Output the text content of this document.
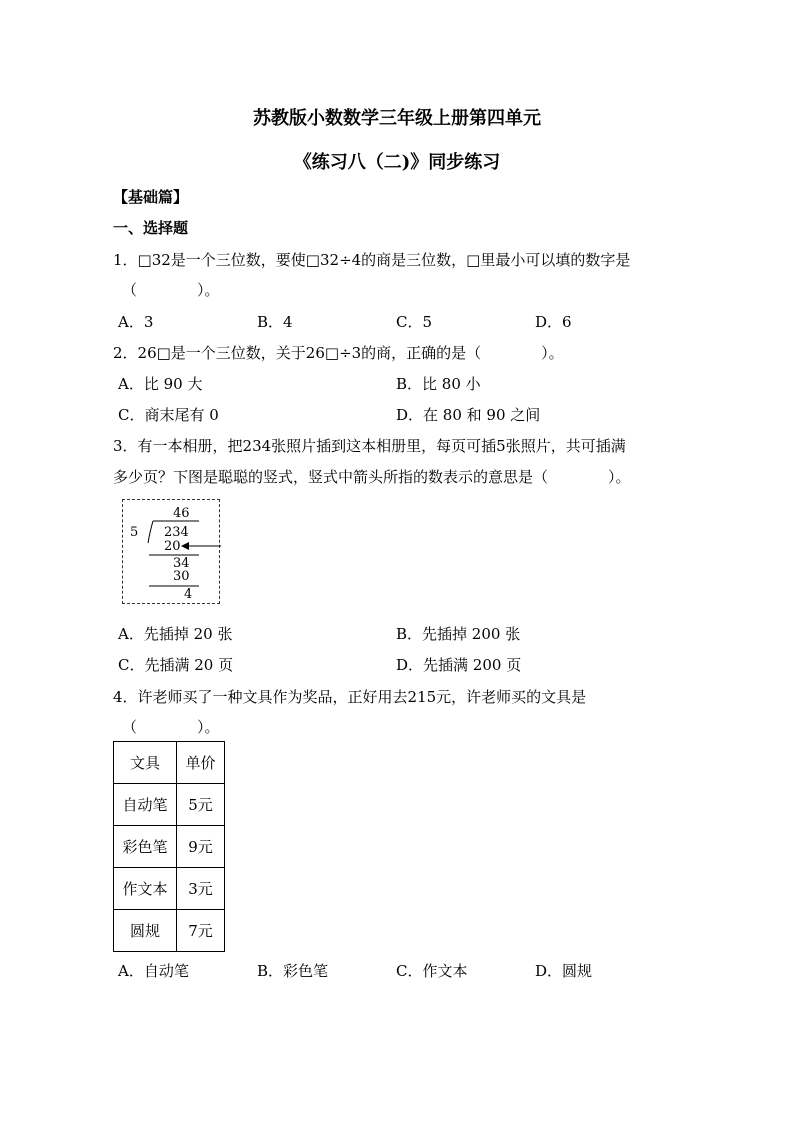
苏教版小数数学三年级上册第四单元
《练习八（二)》同步练习
【基础篇】
一、选择题
1．□32是一个三位数，要使□32÷4的商是三位数，□里最小可以填的数字是
（　　　　）。
A．3	B．4	C．5	D．6
2．26□是一个三位数，关于26□÷3的商，正确的是（　　　　）。
A．比 90 大	B．比 80 小
C．商末尾有 0	D．在 80 和 90 之间
3．有一本相册，把234张照片插到这本相册里，每页可插5张照片，共可插满
多少页？下图是聪聪的竖式，竖式中箭头所指的数表示的意思是（　　　　）。
46
5 234
20
34
30
4
A．先插掉 20 张	B．先插掉 200 张
C．先插满 20 页	D．先插满 200 页
4．许老师买了一种文具作为奖品，正好用去215元，许老师买的文具是
（　　　　）。
文具	单价
自动笔	5元
彩色笔	9元
作文本	3元
圆规	7元
A．自动笔	B．彩色笔	C．作文本	D．圆规
